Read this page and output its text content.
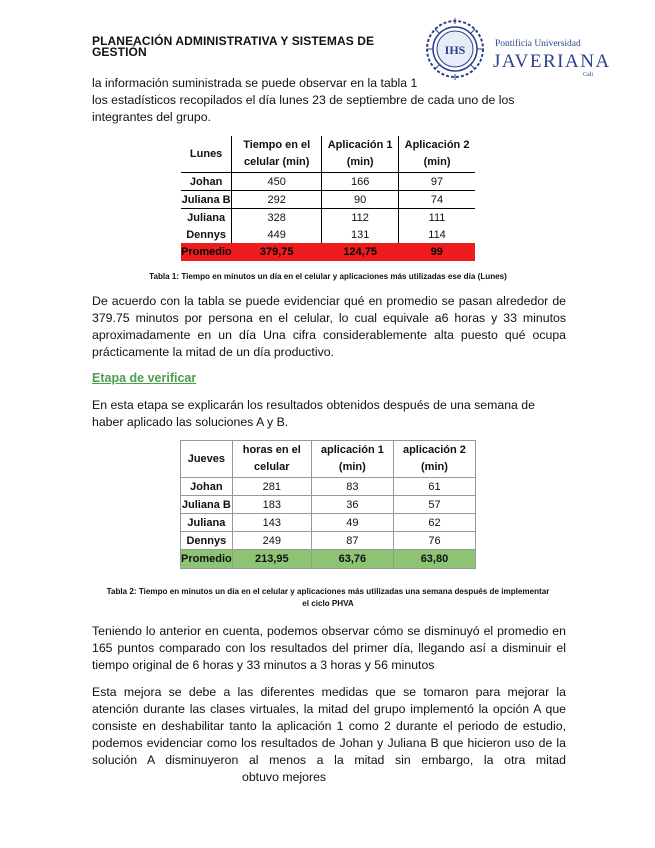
PLANEACIÓN ADMINISTRATIVA Y SISTEMAS DE GESTIÓN	IHS	Pontificia Universidad
JAVERIANA
Cali
la información suministrada se puede observar en la tabla 1
los estadísticos recopilados el día lunes 23 de septiembre de cada uno de los integrantes del grupo.
Lunes	Tiempo en el celular (min)	Aplicación 1 (min)	Aplicación 2 (min)
Johan	450	166	97
Juliana B	292	90	74
Juliana	328	112	111
Dennys	449	131	114
Promedio	379,75	124,75	99
Tabla 1: Tiempo en minutos un día en el celular y aplicaciones más utilizadas ese día (Lunes)
De acuerdo con la tabla se puede evidenciar qué en promedio se pasan alrededor de 379.75 minutos por persona en el celular, lo cual equivale a6 horas y 33 minutos aproximadamente en un día Una cifra considerablemente alta puesto qué ocupa prácticamente la mitad de un día productivo.
Etapa de verificar
En esta etapa se explicarán los resultados obtenidos después de una semana de haber aplicado las soluciones A y B.
Jueves	horas en el celular	aplicación 1 (min)	aplicación 2 (min)
Johan	281	83	61
Juliana B	183	36	57
Juliana	143	49	62
Dennys	249	87	76
Promedio	213,95	63,76	63,80
Tabla 2: Tiempo en minutos un día en el celular y aplicaciones más utilizadas una semana después de implementar el ciclo PHVA
Teniendo lo anterior en cuenta, podemos observar cómo se disminuyó el promedio en 165 puntos comparado con los resultados del primer día, llegando así a disminuir el tiempo original de 6 horas y 33 minutos a 3 horas y 56 minutos
Esta mejora se debe a las diferentes medidas que se tomaron para mejorar la atención durante las clases virtuales, la mitad del grupo implementó la opción A que consiste en deshabilitar tanto la aplicación 1 como 2 durante el periodo de estudio, podemos evidenciar como los resultados de Johan y Juliana B que hicieron uso de la solución A disminuyeron al menos a la mitad sin embargo, la otra mitadobtuvo mejores
